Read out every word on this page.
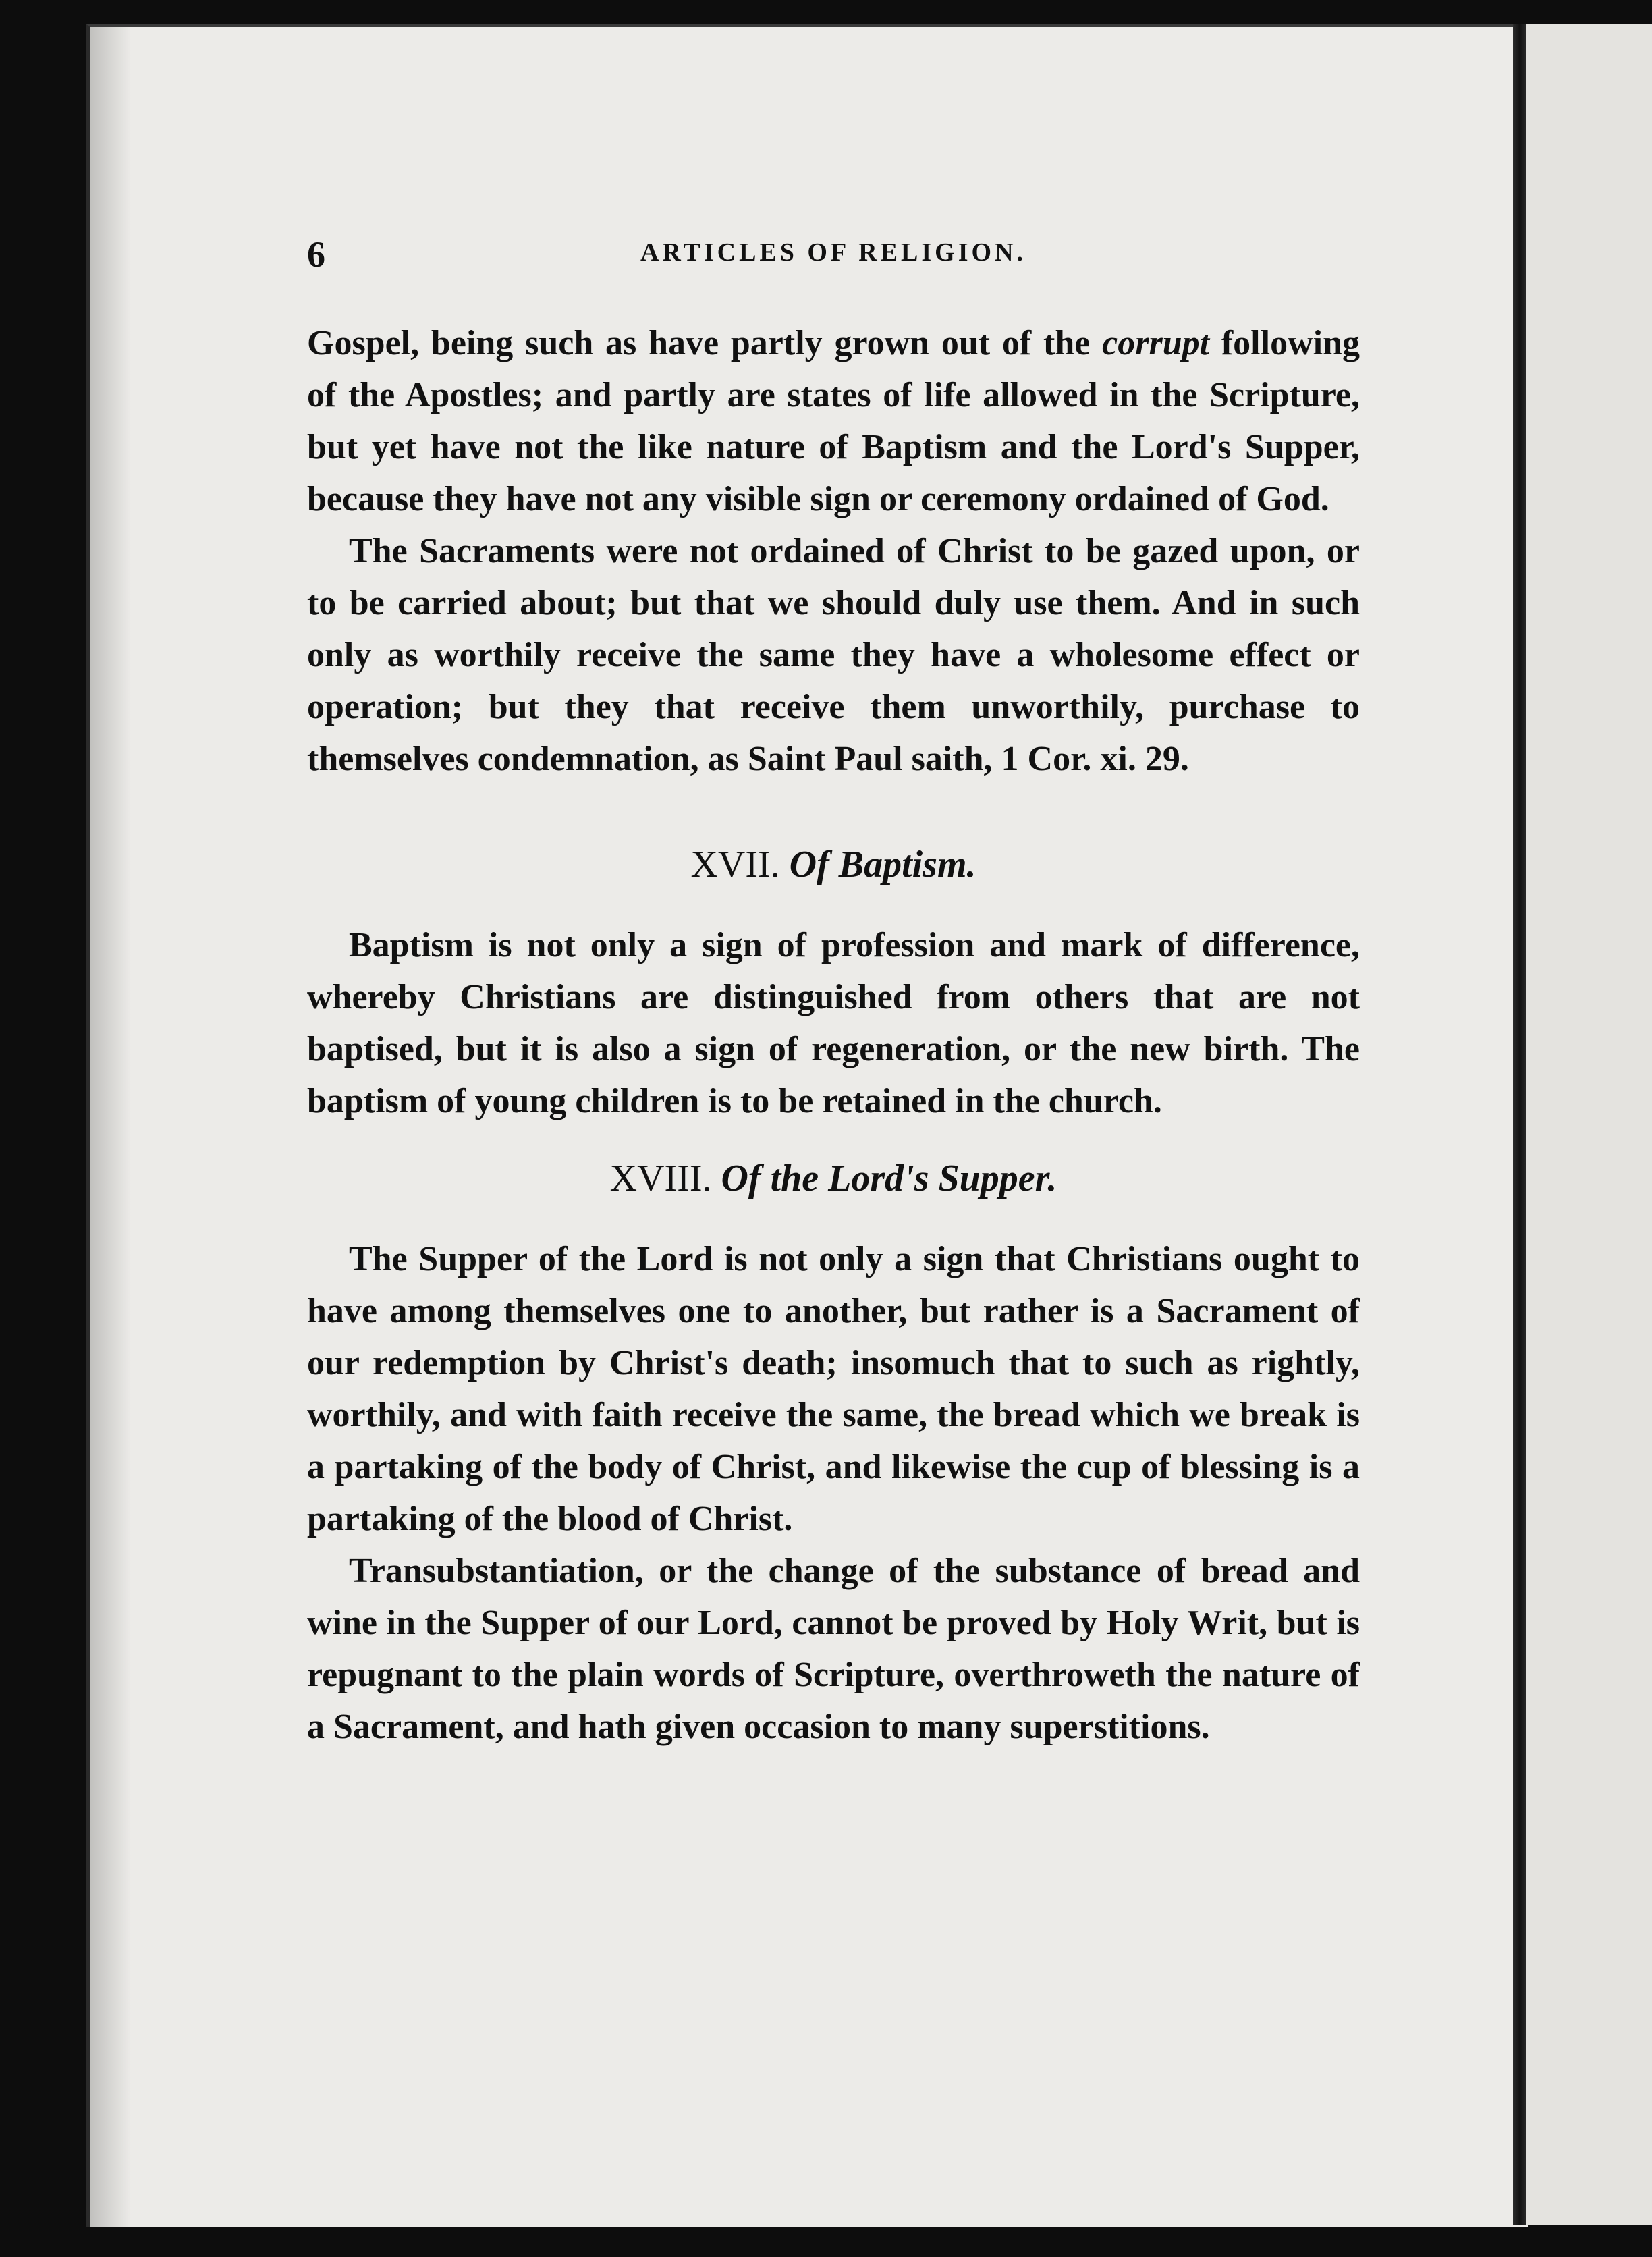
6	ARTICLES OF RELIGION.

Gospel, being such as have partly grown out of the corrupt following of the Apostles; and partly are states of life allowed in the Scripture, but yet have not the like nature of Baptism and the Lord's Supper, because they have not any visible sign or ceremony ordained of God.

The Sacraments were not ordained of Christ to be gazed upon, or to be carried about; but that we should duly use them. And in such only as worthily receive the same they have a wholesome effect or operation; but they that receive them unworthily, purchase to themselves condemnation, as Saint Paul saith, 1 Cor. xi. 29.

XVII. Of Baptism.

Baptism is not only a sign of profession and mark of difference, whereby Christians are distinguished from others that are not baptised, but it is also a sign of regeneration, or the new birth. The baptism of young children is to be retained in the church.

XVIII. Of the Lord's Supper.

The Supper of the Lord is not only a sign that Christians ought to have among themselves one to another, but rather is a Sacrament of our redemption by Christ's death; insomuch that to such as rightly, worthily, and with faith receive the same, the bread which we break is a partaking of the body of Christ, and likewise the cup of blessing is a partaking of the blood of Christ.

Transubstantiation, or the change of the substance of bread and wine in the Supper of our Lord, cannot be proved by Holy Writ, but is repugnant to the plain words of Scripture, overthroweth the nature of a Sacrament, and hath given occasion to many superstitions.
